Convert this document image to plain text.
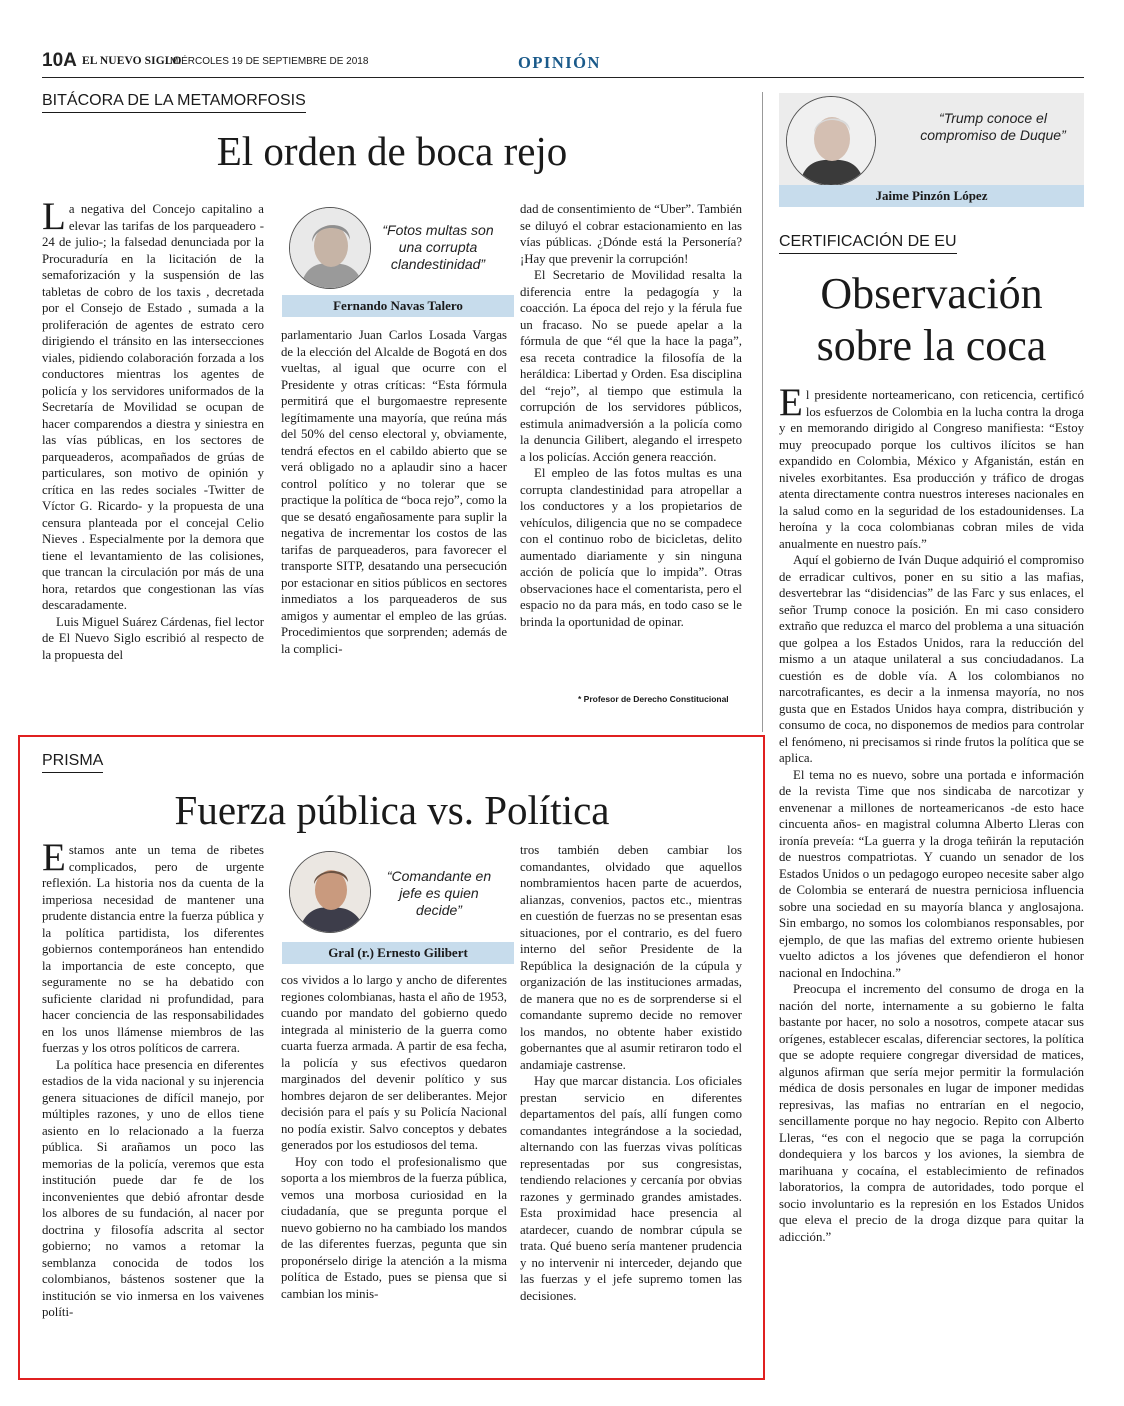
10A EL NUEVO SIGLO
MIÉRCOLES 19 DE SEPTIEMBRE DE 2018	OPINIÓN
BITÁCORA DE LA METAMORFOSIS
El orden de boca rejo

La negativa del Concejo capitalino a elevar las tarifas de los parqueadero - 24 de julio-; la falsedad denunciada por la Procuraduría en la licitación de la semaforización y la suspensión de las tabletas de cobro de los taxis , decretada por el Consejo de Estado , sumada a la proliferación de agentes de estrato cero dirigiendo el tránsito en las intersecciones viales, pidiendo colaboración forzada a los conductores mientras los agentes de policía y los servidores uniformados de la Secretaría de Movilidad se ocupan de hacer comparendos a diestra y siniestra en las vías públicas, en los sectores de parqueaderos, acompañados de grúas de particulares, son motivo de opinión y crítica en las redes sociales -Twitter de Víctor G. Ricardo- y la propuesta de una censura planteada por el concejal Celio Nieves . Especialmente por la demora que tiene el levantamiento de las colisiones, que trancan la circulación por más de una hora, retardos que congestionan las vías descaradamente.

Luis Miguel Suárez Cárdenas, fiel lector de El Nuevo Siglo escribió al respecto de la propuesta del

“Fotos multas son una corrupta clandestinidad”
Fernando Navas Talero

parlamentario Juan Carlos Losada Vargas de la elección del Alcalde de Bogotá en dos vueltas, al igual que ocurre con el Presidente y otras críticas: “Esta fórmula permitirá que el burgomaestre represente legítimamente una mayoría, que reúna más del 50% del censo electoral y, obviamente, tendrá efectos en el cabildo abierto que se verá obligado no a aplaudir sino a hacer control político y no tolerar que se practique la política de “boca rejo”, como la que se desató engañosamente para suplir la negativa de incrementar los costos de las tarifas de parqueaderos, para favorecer el transporte SITP, desatando una persecución por estacionar en sitios públicos en sectores inmediatos a los parqueaderos de sus amigos y aumentar el empleo de las grúas. Procedimientos que sorprenden; además de la complici-

dad de consentimiento de “Uber”. También se diluyó el cobrar estacionamiento en las vías públicas. ¿Dónde está la Personería? ¡Hay que prevenir la corrupción!

El Secretario de Movilidad resalta la diferencia entre la pedagogía y la coacción. La época del rejo y la férula fue un fracaso. No se puede apelar a la fórmula de que “él que la hace la paga”, esa receta contradice la filosofía de la heráldica: Libertad y Orden. Esa disciplina del “rejo”, al tiempo que estimula la corrupción de los servidores públicos, estimula animadversión a la policía como la denuncia Gilibert, alegando el irrespeto a los policías. Acción genera reacción.

El empleo de las fotos multas es una corrupta clandestinidad para atropellar a los conductores y a los propietarios de vehículos, diligencia que no se compadece con el continuo robo de bicicletas, delito aumentado diariamente y sin ninguna acción de policía que lo impida”. Otras observaciones hace el comentarista, pero el espacio no da para más, en todo caso se le brinda la oportunidad de opinar.

* Profesor de Derecho Constitucional
“Trump conoce el compromiso de Duque”
Jaime Pinzón López
CERTIFICACIÓN DE EU
Observación
sobre la coca

El presidente norteamericano, con reticencia, certificó los esfuerzos de Colombia en la lucha contra la droga y en memorando dirigido al Congreso manifiesta: “Estoy muy preocupado porque los cultivos ilícitos se han expandido en Colombia, México y Afganistán, están en niveles exorbitantes. Esa producción y tráfico de drogas atenta directamente contra nuestros intereses nacionales en la salud como en la seguridad de los estadounidenses. La heroína y la coca colombianas cobran miles de vida anualmente en nuestro país.”

Aquí el gobierno de Iván Duque adquirió el compromiso de erradicar cultivos, poner en su sitio a las mafias, desvertebrar las “disidencias” de las Farc y sus enlaces, el señor Trump conoce la posición. En mi caso considero extraño que reduzca el marco del problema a una situación que golpea a los Estados Unidos, rara la reducción del mismo a un ataque unilateral a sus conciudadanos. La cuestión es de doble vía. A los colombianos no narcotraficantes, es decir a la inmensa mayoría, no nos gusta que en Estados Unidos haya compra, distribución y consumo de coca, no disponemos de medios para controlar el fenómeno, ni precisamos si rinde frutos la política que se aplica.

El tema no es nuevo, sobre una portada e información de la revista Time que nos sindicaba de narcotizar y envenenar a millones de norteamericanos -de esto hace cincuenta años- en magistral columna Alberto Lleras con ironía preveía: “La guerra y la droga teñirán la reputación de nuestros compatriotas. Y cuando un senador de los Estados Unidos o un pedagogo europeo necesite saber algo de Colombia se enterará de nuestra perniciosa influencia sobre una sociedad en su mayoría blanca y anglosajona. Sin embargo, no somos los colombianos responsables, por ejemplo, de que las mafias del extremo oriente hubiesen vuelto adictos a los jóvenes que defendieron el honor nacional en Indochina.”

Preocupa el incremento del consumo de droga en la nación del norte, internamente a su gobierno le falta bastante por hacer, no solo a nosotros, compete atacar sus orígenes, establecer escalas, diferenciar sectores, la política que se adopte requiere congregar diversidad de matices, algunos afirman que sería mejor permitir la formulación médica de dosis personales en lugar de imponer medidas represivas, las mafias no entrarían en el negocio, sencillamente porque no hay negocio. Repito con Alberto Lleras, “es con el negocio que se paga la corrupción dondequiera y los barcos y los aviones, la siembra de marihuana y cocaína, el establecimiento de refinados laboratorios, la compra de autoridades, todo porque el socio involuntario es la represión en los Estados Unidos que eleva el precio de la droga dizque para quitar la adicción.”

PRISMA
Fuerza pública vs. Política

Estamos ante un tema de ribetes complicados, pero de urgente reflexión. La historia nos da cuenta de la imperiosa necesidad de mantener una prudente distancia entre la fuerza pública y la política partidista, los diferentes gobiernos contemporáneos han entendido la importancia de este concepto, que seguramente no se ha debatido con suficiente claridad ni profundidad, para hacer conciencia de las responsabilidades en los unos llámense miembros de las fuerzas y los otros políticos de carrera.

La política hace presencia en diferentes estadios de la vida nacional y su injerencia genera situaciones de difícil manejo, por múltiples razones, y uno de ellos tiene asiento en lo relacionado a la fuerza pública. Si arañamos un poco las memorias de la policía, veremos que esta institución puede dar fe de los inconvenientes que debió afrontar desde los albores de su fundación, al nacer por doctrina y filosofía adscrita al sector gobierno; no vamos a retomar la semblanza conocida de todos los colombianos, bástenos sostener que la institución se vio inmersa en los vaivenes políti-

“Comandante en jefe es quien decide”
Gral (r.) Ernesto Gilibert

cos vividos a lo largo y ancho de diferentes regiones colombianas, hasta el año de 1953, cuando por mandato del gobierno quedo integrada al ministerio de la guerra como cuarta fuerza armada. A partir de esa fecha, la policía y sus efectivos quedaron marginados del devenir político y sus hombres dejaron de ser deliberantes. Mejor decisión para el país y su Policía Nacional no podía existir. Salvo conceptos y debates generados por los estudiosos del tema.

Hoy con todo el profesionalismo que soporta a los miembros de la fuerza pública, vemos una morbosa curiosidad en la ciudadanía, que se pregunta porque el nuevo gobierno no ha cambiado los mandos de las diferentes fuerzas, pegunta que sin proponérselo dirige la atención a la misma política de Estado, pues se piensa que si cambian los minis-

tros también deben cambiar los comandantes, olvidado que aquellos nombramientos hacen parte de acuerdos, alianzas, convenios, pactos etc., mientras en cuestión de fuerzas no se presentan esas situaciones, por el contrario, es del fuero interno del señor Presidente de la República la designación de la cúpula y organización de las instituciones armadas, de manera que no es de sorprenderse si el comandante supremo decide no remover los mandos, no obtente haber existido gobernantes que al asumir retiraron todo el andamiaje castrense.

Hay que marcar distancia. Los oficiales prestan servicio en diferentes departamentos del país, allí fungen como comandantes integrándose a la sociedad, alternando con las fuerzas vivas políticas representadas por sus congresistas, tendiendo relaciones y cercanía por obvias razones y germinado grandes amistades. Esta proximidad hace presencia al atardecer, cuando de nombrar cúpula se trata. Qué bueno sería mantener prudencia y no intervenir ni interceder, dejando que las fuerzas y el jefe supremo tomen las decisiones.
